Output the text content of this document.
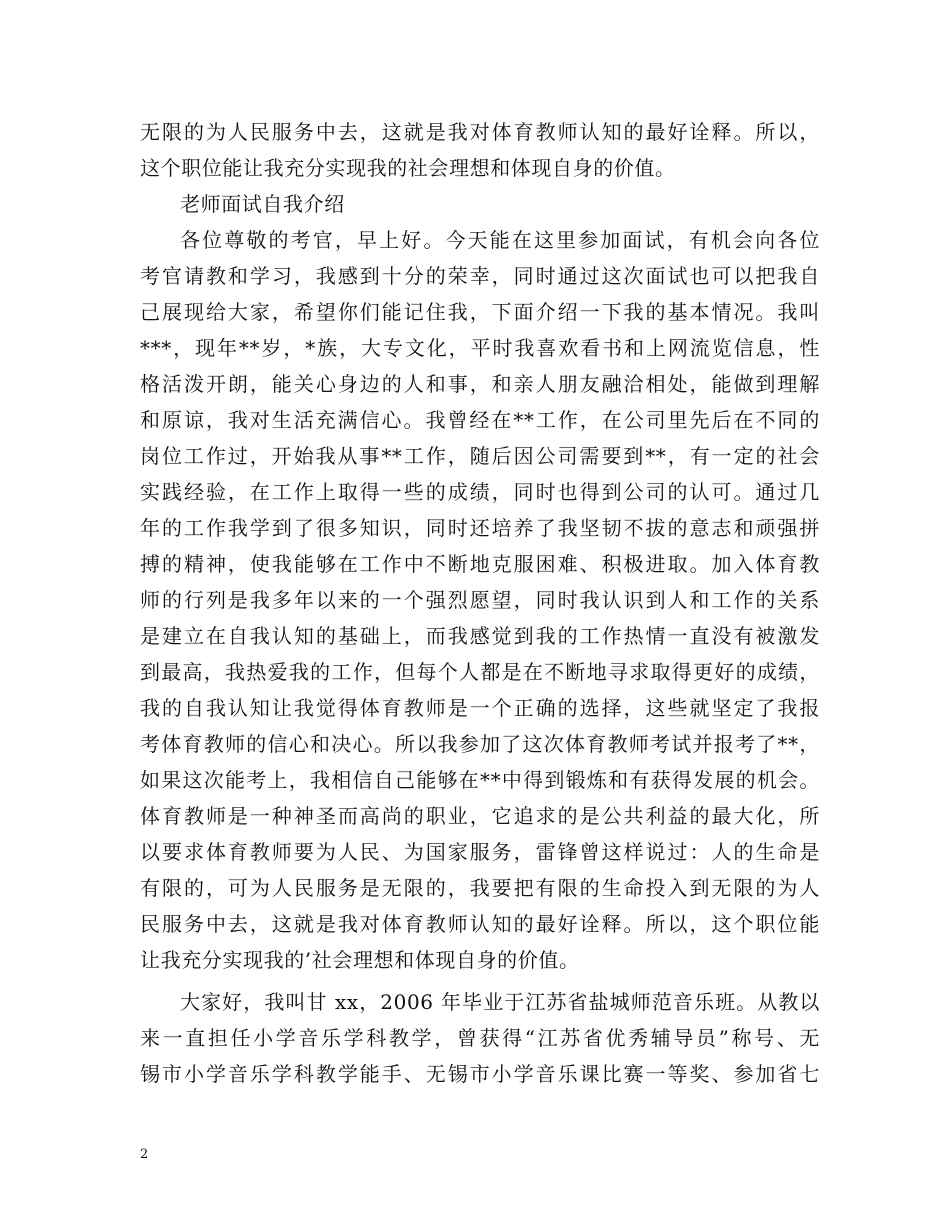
无限的为人民服务中去，这就是我对体育教师认知的最好诠释。所以，
这个职位能让我充分实现我的社会理想和体现自身的价值。
老师面试自我介绍
各位尊敬的考官，早上好。今天能在这里参加面试，有机会向各位
考官请教和学习，我感到十分的荣幸，同时通过这次面试也可以把我自
己展现给大家，希望你们能记住我，下面介绍一下我的基本情况。我叫
***，现年**岁，*族，大专文化，平时我喜欢看书和上网流览信息，性
格活泼开朗，能关心身边的人和事，和亲人朋友融洽相处，能做到理解
和原谅，我对生活充满信心。我曾经在**工作，在公司里先后在不同的
岗位工作过，开始我从事**工作，随后因公司需要到**，有一定的社会
实践经验，在工作上取得一些的成绩，同时也得到公司的认可。通过几
年的工作我学到了很多知识，同时还培养了我坚韧不拔的意志和顽强拼
搏的精神，使我能够在工作中不断地克服困难、积极进取。加入体育教
师的行列是我多年以来的一个强烈愿望，同时我认识到人和工作的关系
是建立在自我认知的基础上，而我感觉到我的工作热情一直没有被激发
到最高，我热爱我的工作，但每个人都是在不断地寻求取得更好的成绩，
我的自我认知让我觉得体育教师是一个正确的选择，这些就坚定了我报
考体育教师的信心和决心。所以我参加了这次体育教师考试并报考了**，
如果这次能考上，我相信自己能够在**中得到锻炼和有获得发展的机会。
体育教师是一种神圣而高尚的职业，它追求的是公共利益的最大化，所
以要求体育教师要为人民、为国家服务，雷锋曾这样说过：人的生命是
有限的，可为人民服务是无限的，我要把有限的生命投入到无限的为人
民服务中去，这就是我对体育教师认知的最好诠释。所以，这个职位能
让我充分实现我的’社会理想和体现自身的价值。
大家好，我叫甘 xx，2006 年毕业于江苏省盐城师范音乐班。从教以
来一直担任小学音乐学科教学，曾获得“江苏省优秀辅导员”称号、无
锡市小学音乐学科教学能手、无锡市小学音乐课比赛一等奖、参加省七
2
